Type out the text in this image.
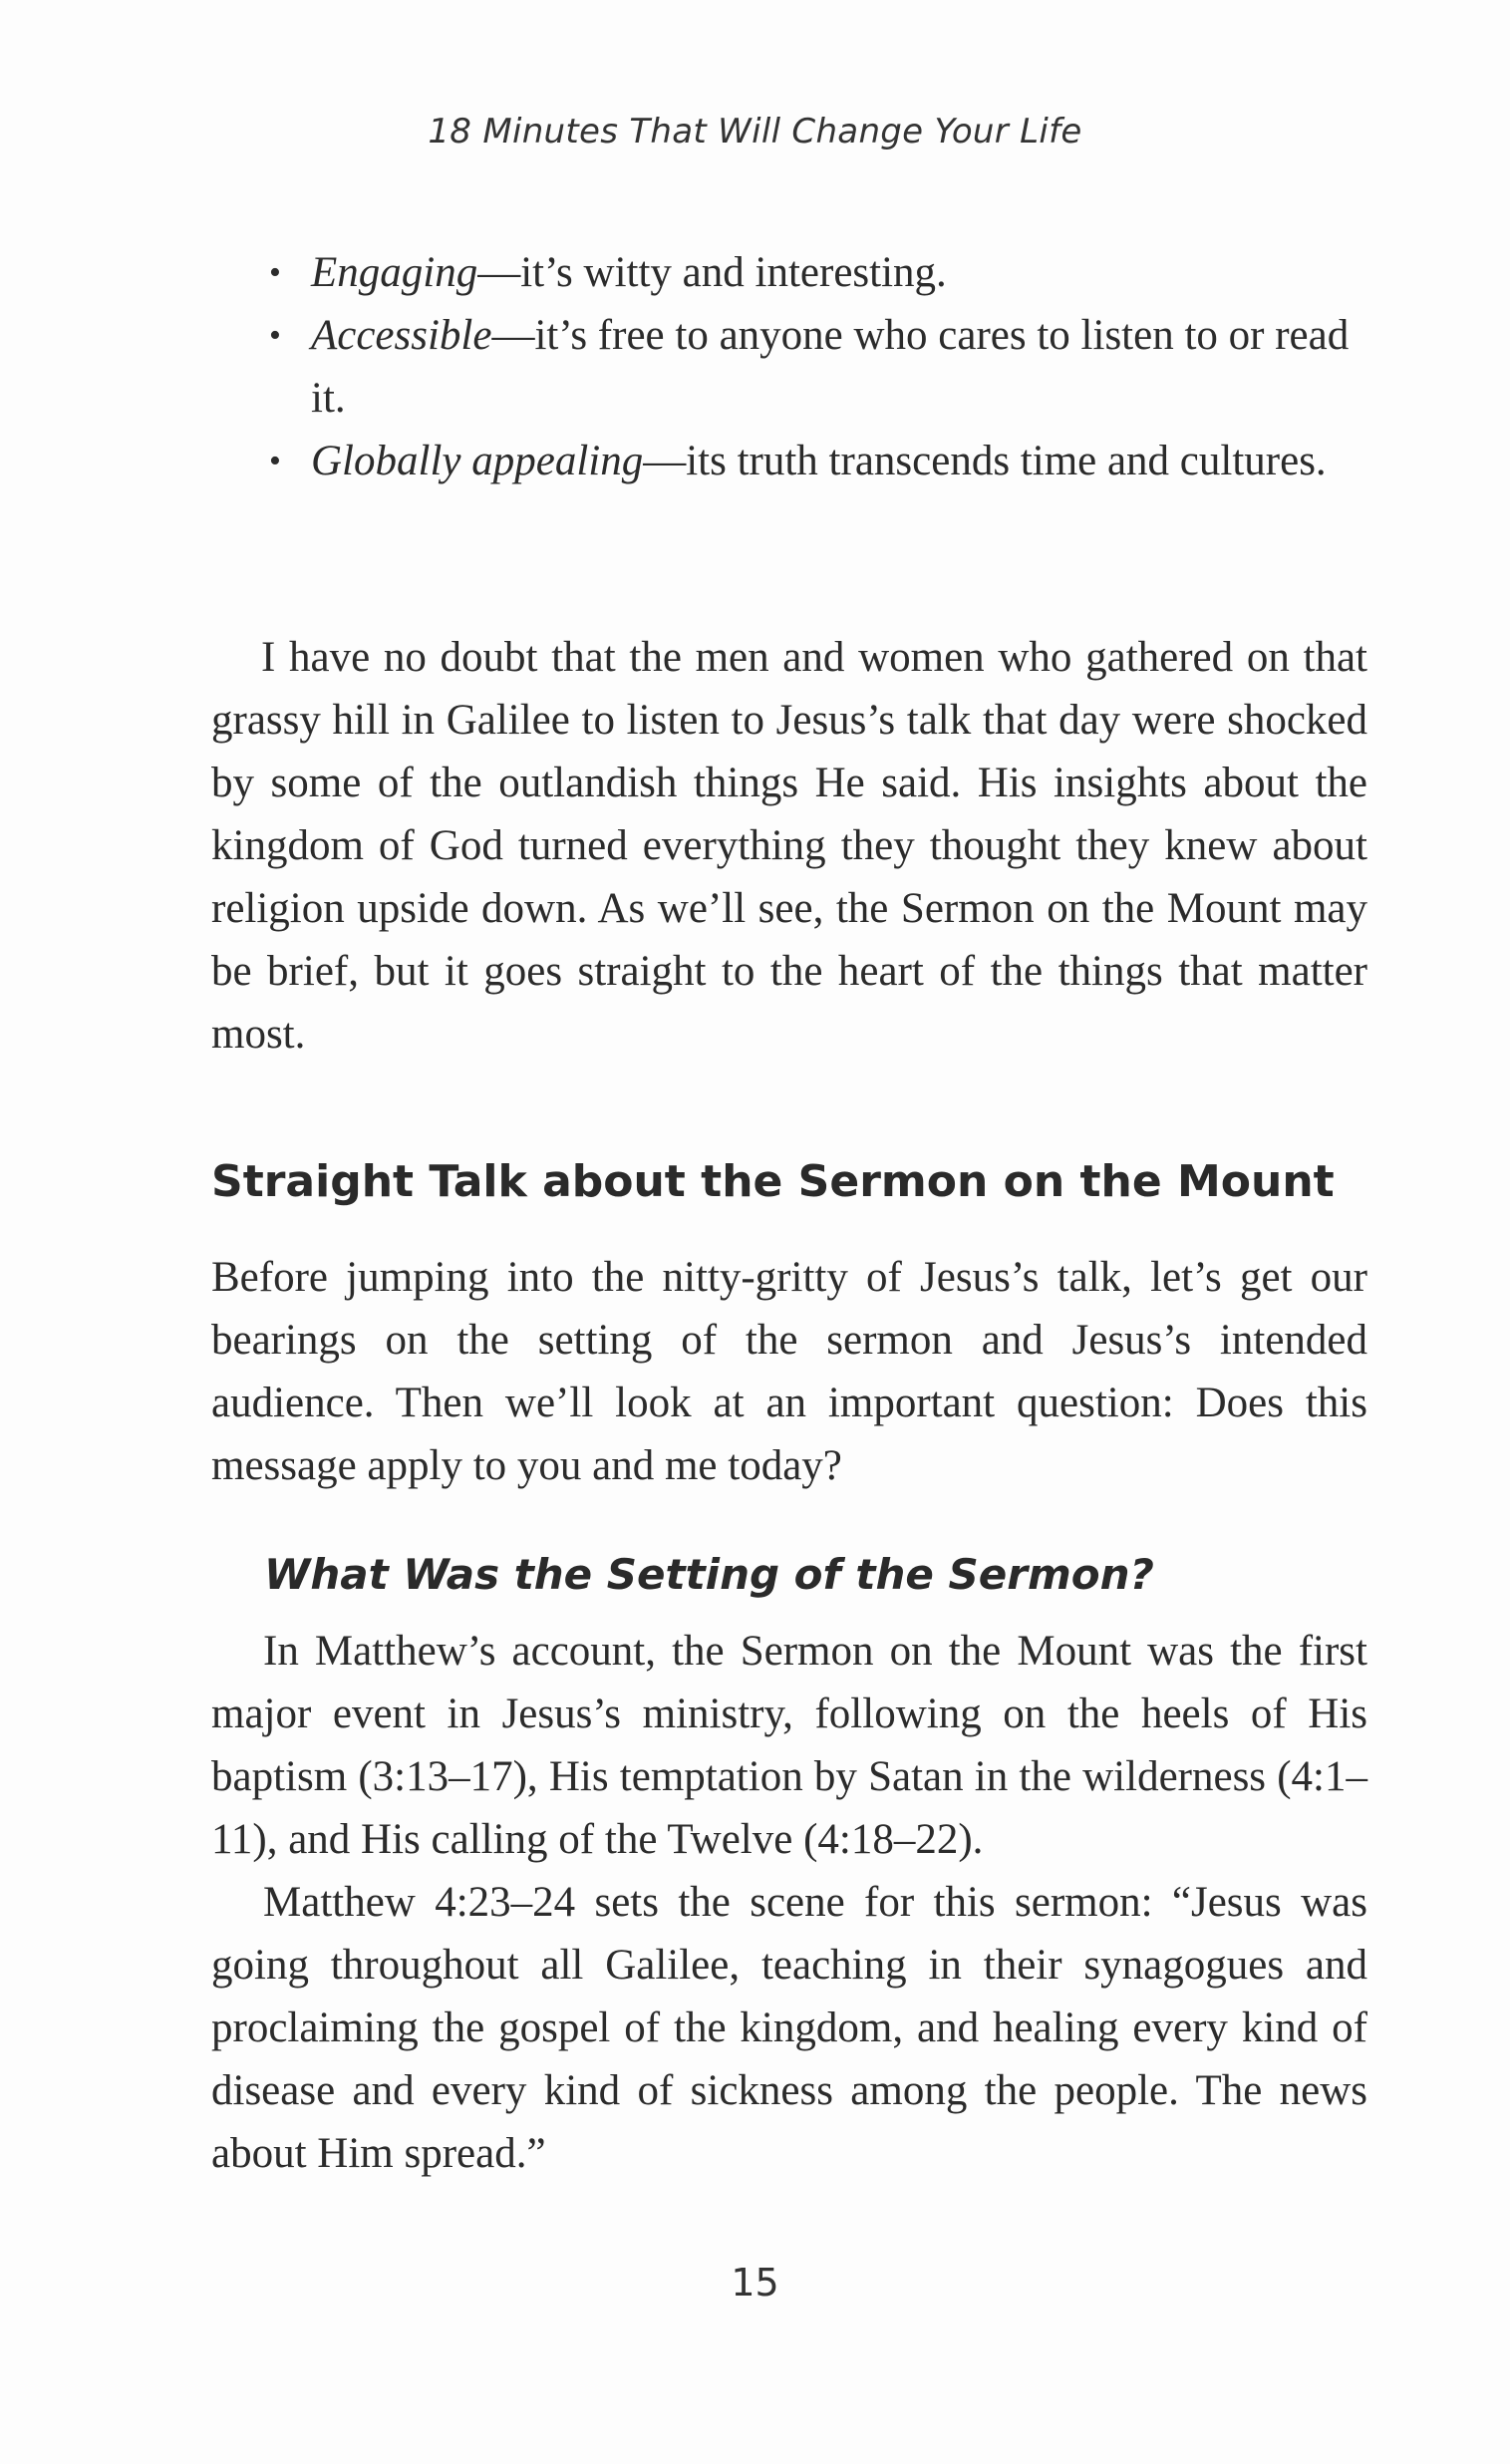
18 Minutes That Will Change Your Life

• Engaging—it’s witty and interesting.

• Accessible—it’s free to anyone who cares to listen to or read it.

• Globally appealing—its truth transcends time and cultures.

I have no doubt that the men and women who gathered on that grassy hill in Galilee to listen to Jesus’s talk that day were shocked by some of the outlandish things He said. His insights about the kingdom of God turned everything they thought they knew about religion upside down. As we’ll see, the Sermon on the Mount may be brief, but it goes straight to the heart of the things that matter most.

Straight Talk about the Sermon on the Mount

Before jumping into the nitty-gritty of Jesus’s talk, let’s get our bearings on the setting of the sermon and Jesus’s intended audience. Then we’ll look at an important question: Does this message apply to you and me today?

What Was the Setting of the Sermon?

In Matthew’s account, the Sermon on the Mount was the first major event in Jesus’s ministry, following on the heels of His baptism (3:13–17), His temptation by Satan in the wilderness (4:1–11), and His calling of the Twelve (4:18–22).

Matthew 4:23–24 sets the scene for this sermon: “Jesus was going throughout all Galilee, teaching in their synagogues and proclaiming the gospel of the kingdom, and healing every kind of disease and every kind of sickness among the people. The news about Him spread.”

15
